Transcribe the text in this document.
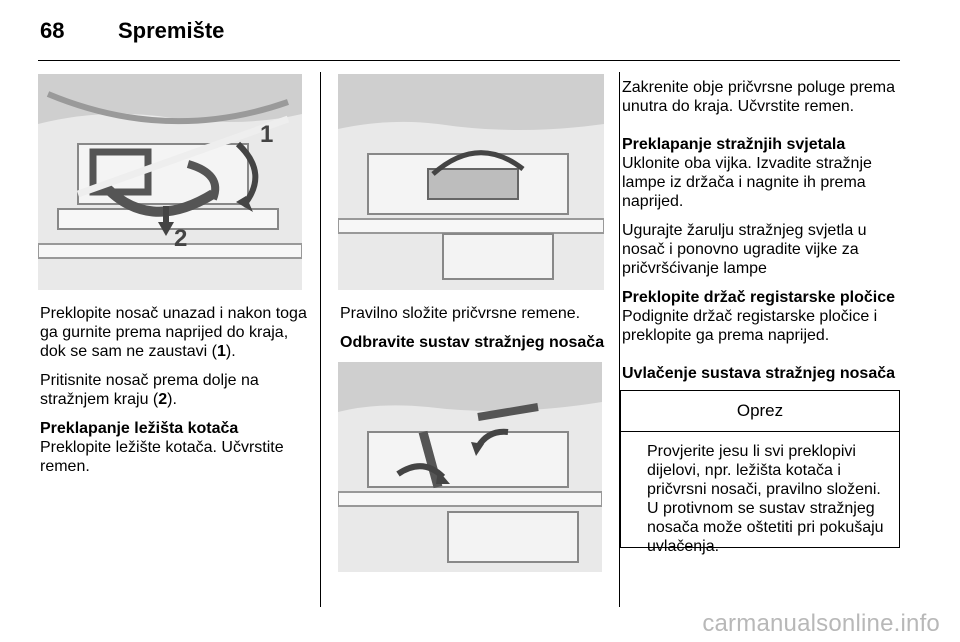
68 Spremište
1
2

Preklopite nosač unazad i nakon toga ga gurnite prema naprijed do kraja, dok se sam ne zaustavi (1).

Pritisnite nosač prema dolje na stražnjem kraju (2).

Preklapanje ležišta kotača

Preklopite ležište kotača. Učvrstite remen.

Pravilno složite pričvrsne remene.

Odbravite sustav stražnjeg nosača

Zakrenite obje pričvrsne poluge prema unutra do kraja. Učvrstite remen.

Preklapanje stražnjih svjetala

Uklonite oba vijka. Izvadite stražnje lampe iz držača i nagnite ih prema naprijed.

Ugurajte žarulju stražnjeg svjetla u nosač i ponovno ugradite vijke za pričvršćivanje lampe

Preklopite držač registarske pločice

Podignite držač registarske pločice i preklopite ga prema naprijed.

Uvlačenje sustava stražnjeg nosača

Oprez
Provjerite jesu li svi preklopivi dijelovi, npr. ležišta kotača i pričvrsni nosači, pravilno složeni. U protivnom se sustav stražnjeg nosača može oštetiti pri pokušaju uvlačenja.
carmanualsonline.info
